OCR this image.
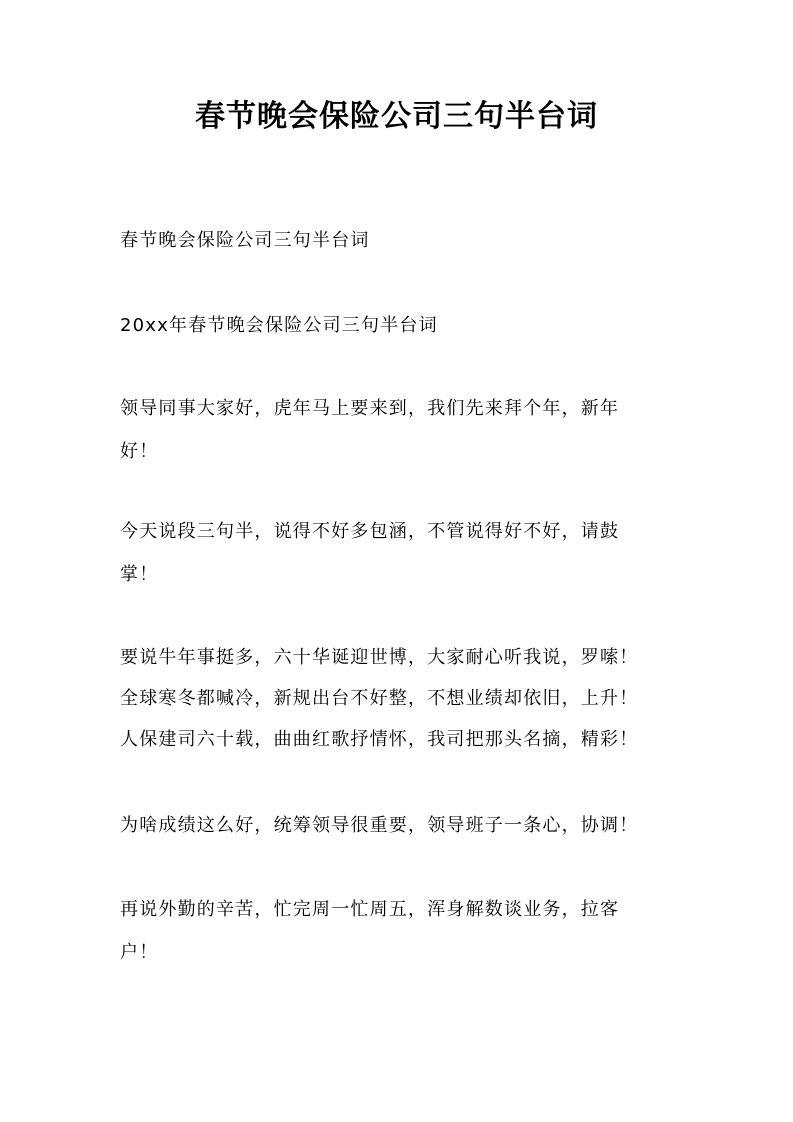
春节晚会保险公司三句半台词

春节晚会保险公司三句半台词

20xx年春节晚会保险公司三句半台词

领导同事大家好，虎年马上要来到，我们先来拜个年，新年
好！

今天说段三句半，说得不好多包涵，不管说得好不好，请鼓
掌！

要说牛年事挺多，六十华诞迎世博，大家耐心听我说，罗嗦！
全球寒冬都喊冷，新规出台不好整，不想业绩却依旧，上升！
人保建司六十载，曲曲红歌抒情怀，我司把那头名摘，精彩！

为啥成绩这么好，统筹领导很重要，领导班子一条心，协调！

再说外勤的辛苦，忙完周一忙周五，浑身解数谈业务，拉客
户！
